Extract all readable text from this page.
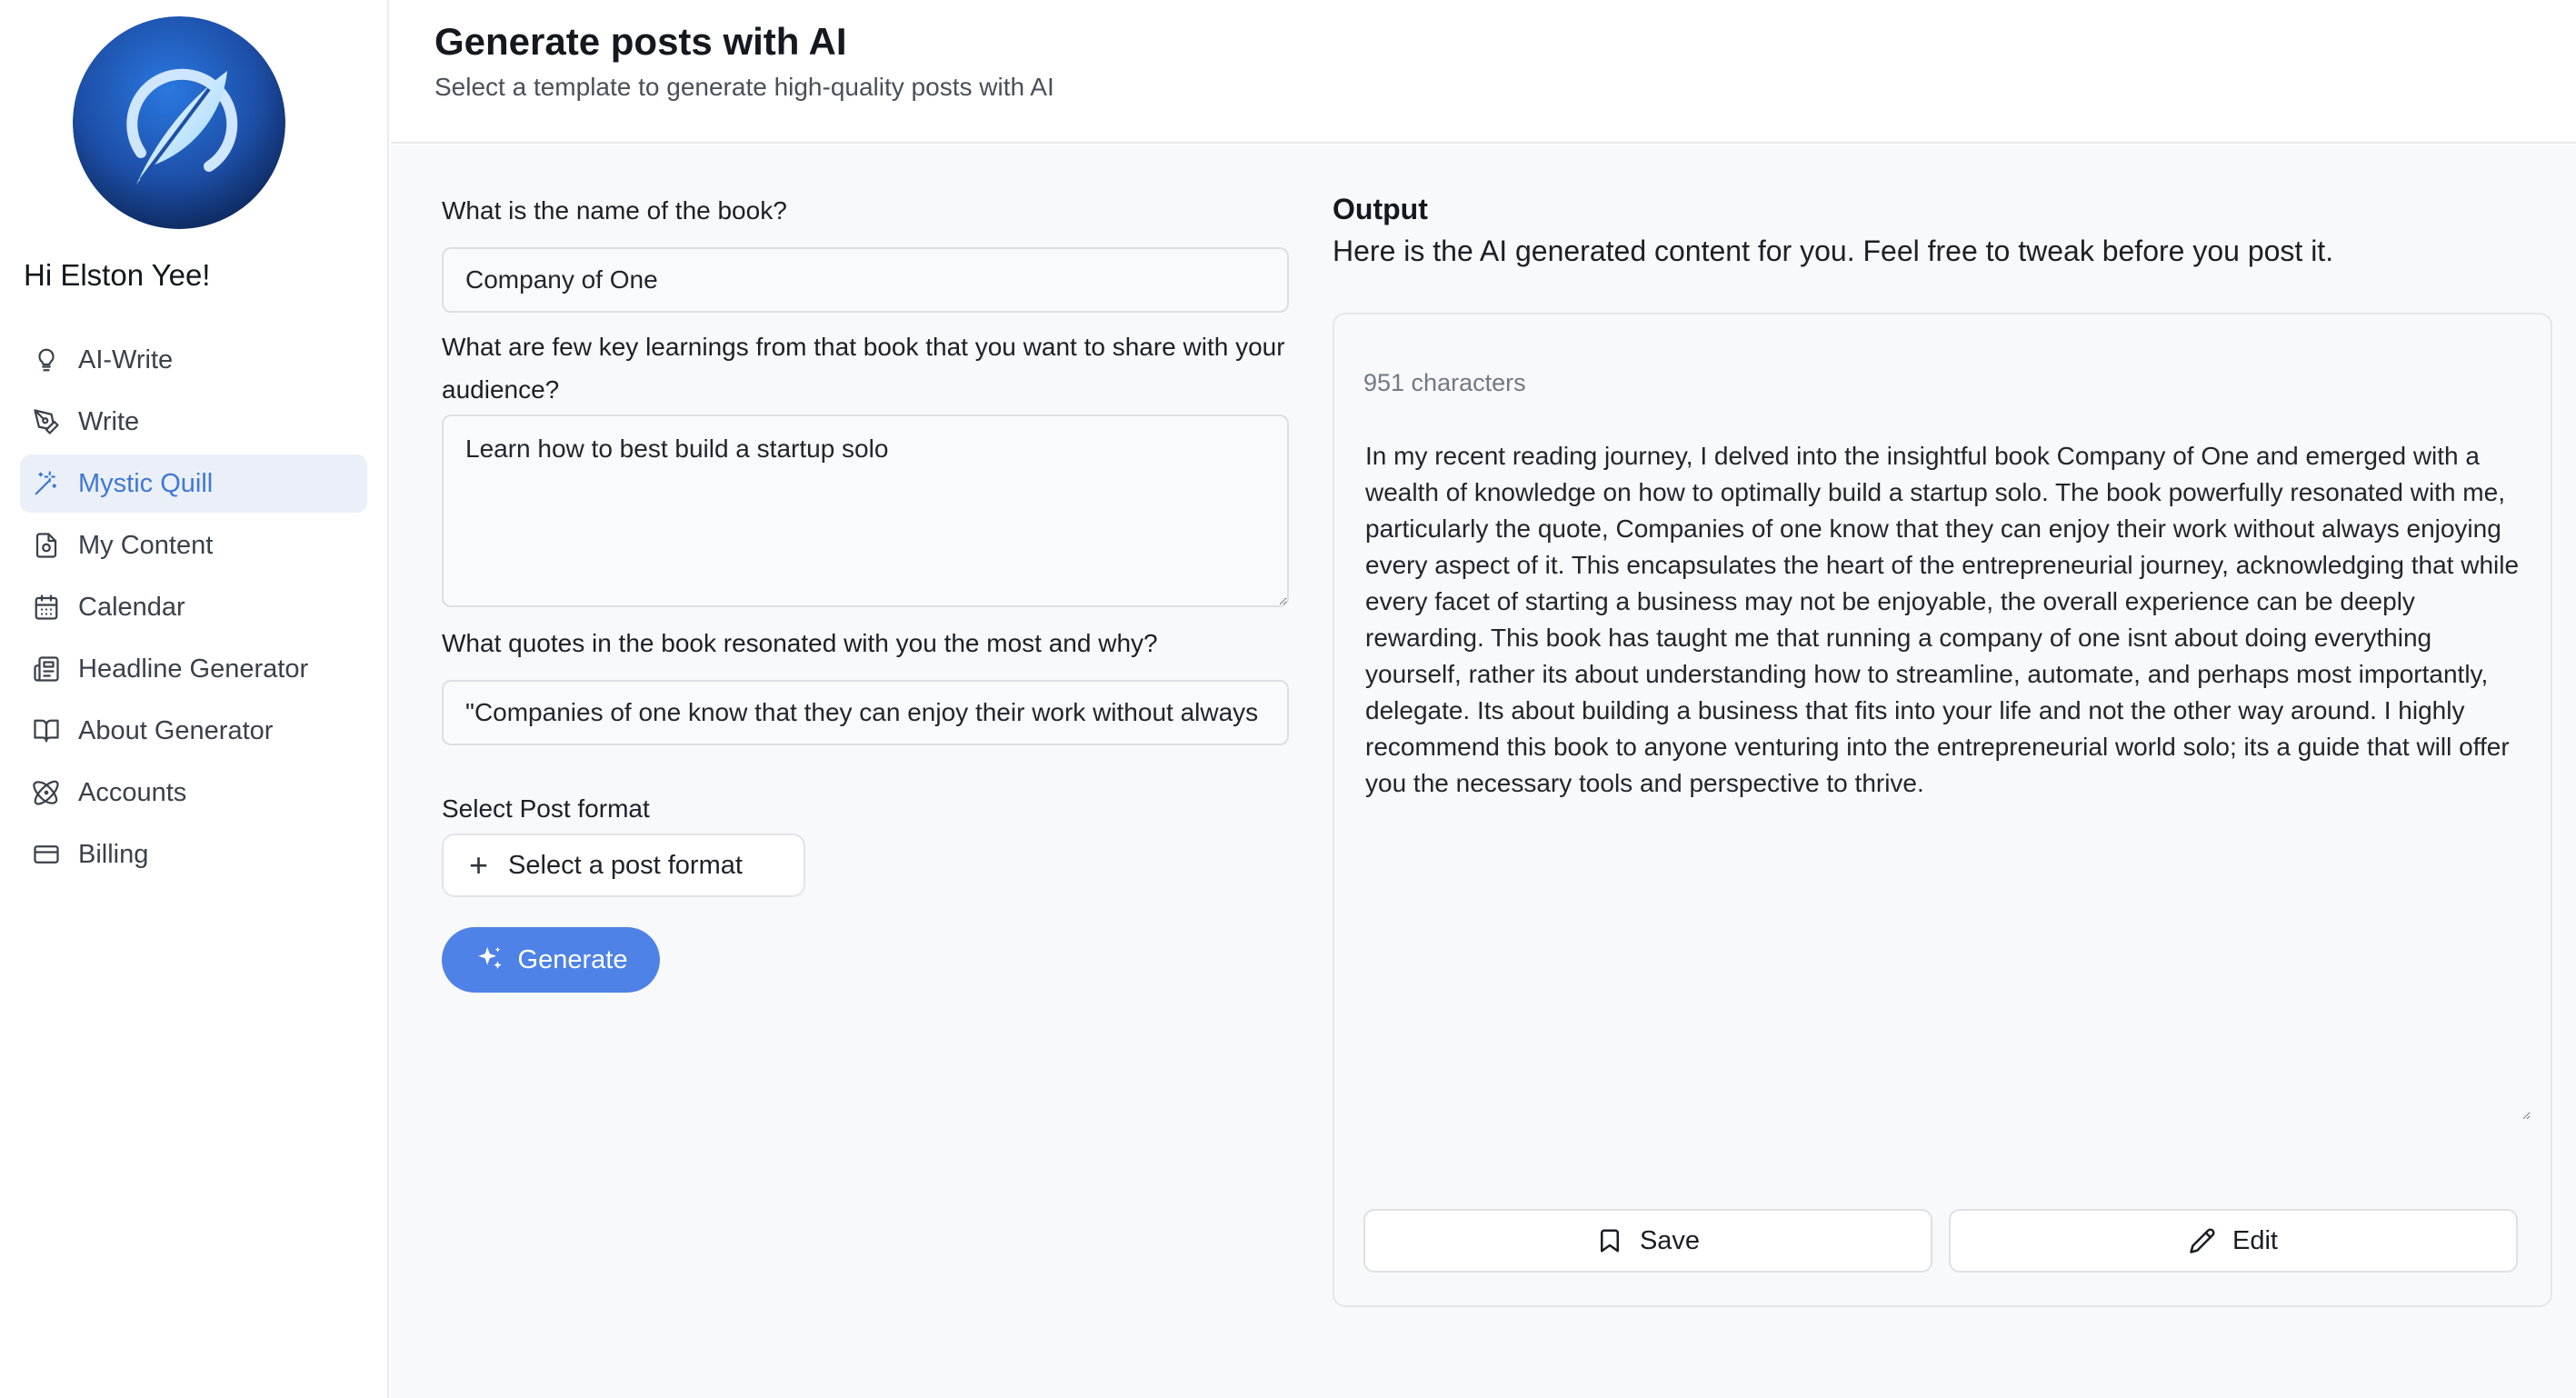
Hi Elston Yee!
AI-Write
Write
Mystic Quill
My Content
Calendar
Headline Generator
About Generator
Accounts
Billing
Generate posts with AI
Select a template to generate high-quality posts with AI
What is the name of the book?
Company of One
What are few key learnings from that book that you want to share with your audience?
Learn how to best build a startup solo
What quotes in the book resonated with you the most and why?
"Companies of one know that they can enjoy their work without always enjoying every aspect of it."
Select Post format
+ Select a post format
Generate
Output
Here is the AI generated content for you. Feel free to tweak before you post it.
951 characters
In my recent reading journey, I delved into the insightful book Company of One and emerged with a wealth of knowledge on how to optimally build a startup solo. The book powerfully resonated with me, particularly the quote, Companies of one know that they can enjoy their work without always enjoying every aspect of it. This encapsulates the heart of the entrepreneurial journey, acknowledging that while every facet of starting a business may not be enjoyable, the overall experience can be deeply rewarding. This book has taught me that running a company of one isnt about doing everything yourself, rather its about understanding how to streamline, automate, and perhaps most importantly, delegate. Its about building a business that fits into your life and not the other way around. I highly recommend this book to anyone venturing into the entrepreneurial world solo; its a guide that will offer you the necessary tools and perspective to thrive.
Save	Edit
